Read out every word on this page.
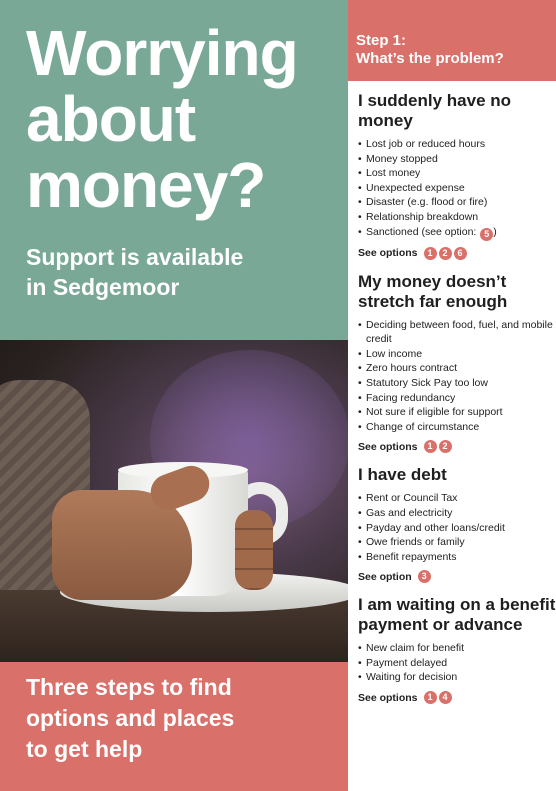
Worrying
about
money?
Support is available
in Sedgemoor

Three steps to find

options and places

to get help

Step 1:
What’s the problem?
I suddenly have no money
• Lost job or reduced hours
• Money stopped
• Lost money
• Unexpected expense
• Disaster (e.g. flood or fire)
• Relationship breakdown
• Sanctioned (see option: 5 )
See options	1	2	6
My money doesn’t stretch far enough
• Deciding between food, fuel, and mobile credit
• Low income
• Zero hours contract
• Statutory Sick Pay too low
• Facing redundancy
• Not sure if eligible for support
• Change of circumstance
See options	1	2
I have debt
• Rent or Council Tax
• Gas and electricity
• Payday and other loans/credit
• Owe friends or family
• Benefit repayments
See option	3
I am waiting on a benefit payment or advance
• New claim for benefit
• Payment delayed
• Waiting for decision
See options	1	4
